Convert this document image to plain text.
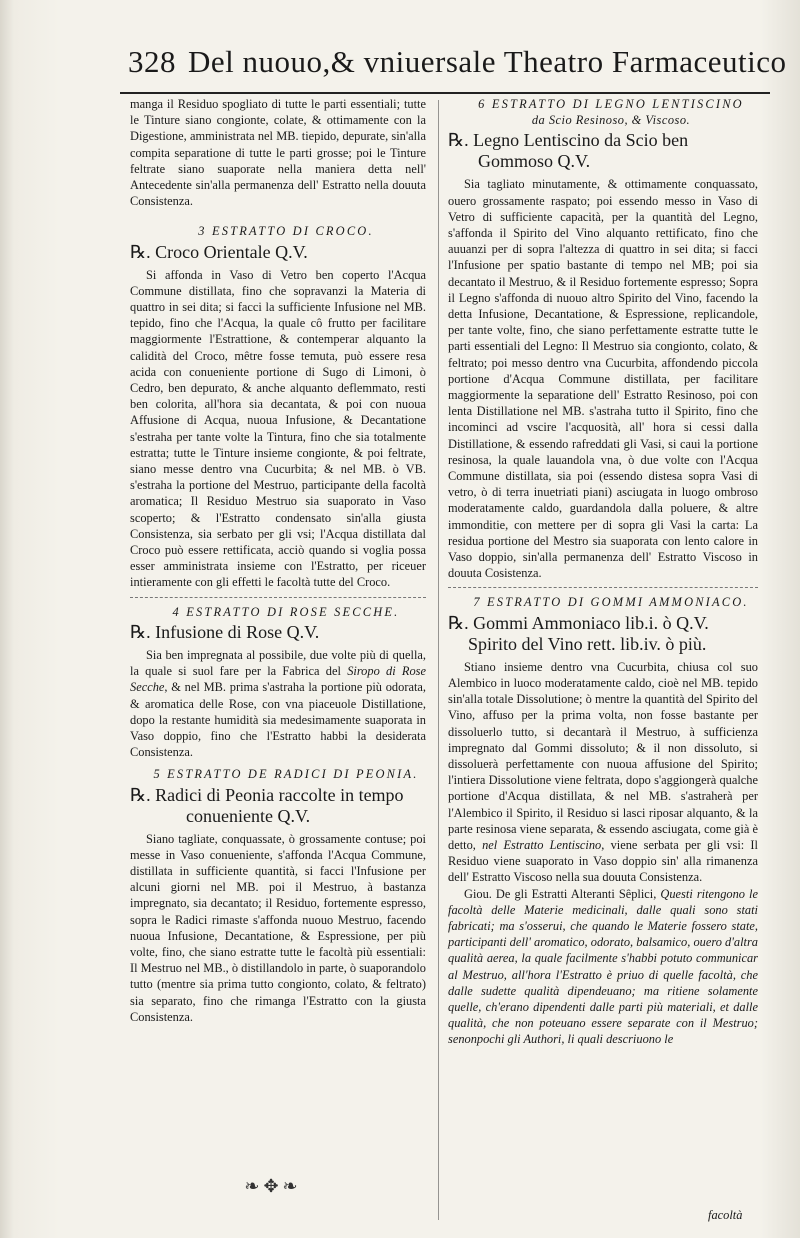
328 Del nuouo,& vniuersale Theatro Farmaceutico

manga il Residuo spogliato di tutte le parti essentiali; tutte le Tinture siano congionte, colate, & ottimamente con la Digestione, amministrata nel MB. tiepido, depurate, sin'alla compita separatione di tutte le parti grosse; poi le Tinture feltrate siano suaporate nella maniera detta nell' Antecedente sin'alla permanenza dell' Estratto nella douuta Consistenza.

3 ESTRATTO DI CROCO.

℞. Croco Orientale Q.V.

Si affonda in Vaso di Vetro ben coperto l'Acqua Commune distillata, fino che sopravanzi la Materia di quattro in sei dita; si facci la sufficiente Infusione nel MB. tepido, fino che l'Acqua, la quale cô frutto per facilitare maggiormente l'Estrattione, & contemperar alquanto la calidità del Croco, mêtre fosse temuta, può essere resa acida con conueniente portione di Sugo di Limoni, ò Cedro, ben depurato, & anche alquanto deflemmato, resti ben colorita, all'hora sia decantata, & poi con nuoua Affusione di Acqua, nuoua Infusione, & Decantatione s'estraha per tante volte la Tintura, fino che sia totalmente estratta; tutte le Tinture insieme congionte, & poi feltrate, siano messe dentro vna Cucurbita; & nel MB. ò VB. s'estraha la portione del Mestruo, participante della facoltà aromatica; Il Residuo Mestruo sia suaporato in Vaso scoperto; & l'Estratto condensato sin'alla giusta Consistenza, sia serbato per gli vsi; l'Acqua distillata dal Croco può essere rettificata, acciò quando si voglia possa esser amministrata insieme con l'Estratto, per riceuer intieramente con gli effetti le facoltà tutte del Croco.

4 ESTRATTO DI ROSE SECCHE.

℞. Infusione di Rose Q.V.

Sia ben impregnata al possibile, due volte più di quella, la quale si suol fare per la Fabrica del Siropo di Rose Secche, & nel MB. prima s'astraha la portione più odorata, & aromatica delle Rose, con vna piaceuole Distillatione, dopo la restante humidità sia medesimamente suaporata in Vaso doppio, fino che l'Estratto habbi la desiderata Consistenza.

5 ESTRATTO DE RADICI DI PEONIA.

℞. Radici di Peonia raccolte in tempo
conueniente Q.V.

Siano tagliate, conquassate, ò grossamente contuse; poi messe in Vaso conueniente, s'affonda l'Acqua Commune, distillata in sufficiente quantità, si facci l'Infusione per alcuni giorni nel MB. poi il Mestruo, à bastanza impregnato, sia decantato; il Residuo, fortemente espresso, sopra le Radici rimaste s'affonda nuouo Mestruo, facendo nuoua Infusione, Decantatione, & Espressione, per più volte, fino, che siano estratte tutte le facoltà più essentiali: Il Mestruo nel MB., ò distillandolo in parte, ò suaporandolo tutto (mentre sia prima tutto congionto, colato, & feltrato) sia separato, fino che rimanga l'Estratto con la giusta Consistenza.

❧✥❧

6 ESTRATTO DI LEGNO LENTISCINO

da Scio Resinoso, & Viscoso.

℞. Legno Lentiscino da Scio ben
Gommoso Q.V.

Sia tagliato minutamente, & ottimamente conquassato, ouero grossamente raspato; poi essendo messo in Vaso di Vetro di sufficiente capacità, per la quantità del Legno, s'affonda il Spirito del Vino alquanto rettificato, fino che auuanzi per di sopra l'altezza di quattro in sei dita; si facci l'Infusione per spatio bastante di tempo nel MB; poi sia decantato il Mestruo, & il Residuo fortemente espresso; Sopra il Legno s'affonda di nuouo altro Spirito del Vino, facendo la detta Infusione, Decantatione, & Espressione, replicandole, per tante volte, fino, che siano perfettamente estratte tutte le parti essentiali del Legno: Il Mestruo sia congionto, colato, & feltrato; poi messo dentro vna Cucurbita, affondendo piccola portione d'Acqua Commune distillata, per facilitare maggiormente la separatione dell' Estratto Resinoso, poi con lenta Distillatione nel MB. s'astraha tutto il Spirito, fino che incominci ad vscire l'acquosità, all' hora si cessi dalla Distillatione, & essendo rafreddati gli Vasi, si caui la portione resinosa, la quale lauandola vna, ò due volte con l'Acqua Commune distillata, sia poi (essendo distesa sopra Vasi di vetro, ò di terra inuetriati piani) asciugata in luogo ombroso moderatamente caldo, guardandola dalla poluere, & altre immonditie, con mettere per di sopra gli Vasi la carta: La residua portione del Mestro sia suaporata con lento calore in Vaso doppio, sin'alla permanenza dell' Estratto Viscoso in douuta Cosistenza.

7 ESTRATTO DI GOMMI AMMONIACO.

℞. Gommi Ammoniaco lib.i. ò Q.V.
Spirito del Vino rett. lib.iv. ò più.

Stiano insieme dentro vna Cucurbita, chiusa col suo Alembico in luoco moderatamente caldo, cioè nel MB. tepido sin'alla totale Dissolutione; ò mentre la quantità del Spirito del Vino, affuso per la prima volta, non fosse bastante per dissoluerlo tutto, si decantarà il Mestruo, à sufficienza impregnato dal Gommi dissoluto; & il non dissoluto, si dissoluerà perfettamente con nuoua affusione del Spirito; l'intiera Dissolutione viene feltrata, dopo s'aggiongerà qualche portione d'Acqua distillata, & nel MB. s'astraherà per l'Alembico il Spirito, il Residuo si lasci riposar alquanto, & la parte resinosa viene separata, & essendo asciugata, come già è detto, nel Estratto Lentiscino, viene serbata per gli vsi: Il Residuo viene suaporato in Vaso doppio sin' alla rimanenza dell' Estratto Viscoso nella sua douuta Consistenza.

Giou. De gli Estratti Alteranti Sêplici, Questi ritengono le facoltà delle Materie medicinali, dalle quali sono stati fabricati; ma s'osserui, che quando le Materie fossero state, participanti dell' aromatico, odorato, balsamico, ouero d'altra qualità aerea, la quale facilmente s'habbi potuto communicar al Mestruo, all'hora l'Estratto è priuo di quelle facoltà, che dalle sudette qualità dipendeuano; ma ritiene solamente quelle, ch'erano dipendenti dalle parti più materiali, et dalle qualità, che non poteuano essere separate con il Mestruo; senonpochi gli Authori, li quali descriuono le

facoltà
